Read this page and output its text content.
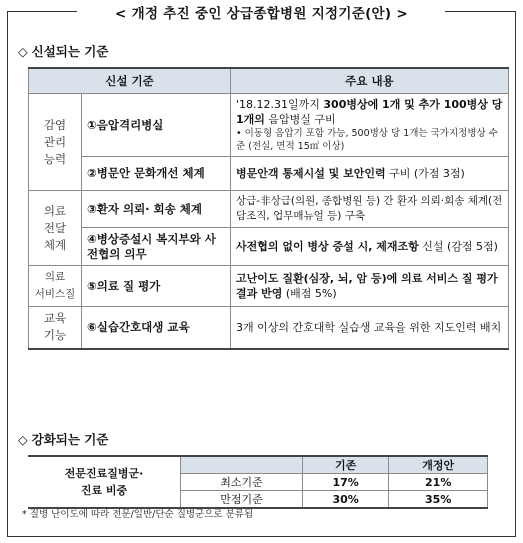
< 개정 추진 중인 상급종합병원 지정기준(안) >
◇ 신설되는 기준
신설 기준		주요 내용
감염
관리
능력	①음압격리병실	'18.12.31일까지 300병상에 1개 및 추가 100병상 당 1개의 음압병실 구비
• 이동형 음압기 포함 가능, 500병상 당 1개는 국가지정병상 수준 (전실, 면적 15㎡ 이상)

	②병문안 문화개선 체계	병문안객 통제시설 및 보안인력 구비 (가점 3점)
의료
전달
체계	③환자 의뢰· 회송 체계	상급-非상급(의원, 종합병원 등) 간 환자 의뢰·회송 체계(전담조직, 업무매뉴얼 등) 구축
	④병상증설시 복지부와 사전협의 의무	사전협의 없이 병상 증설 시, 제재조항 신설 (감점 5점)
의료
서비스질	⑤의료 질 평가	고난이도 질환(심장, 뇌, 암 등)에 의료 서비스 질 평가 결과 반영 (배점 5%)
교육
기능	⑥실습간호대생 교육	3개 이상의 간호대학 실습생 교육을 위한 지도인력 배치
◇ 강화되는 기준
전문진료질병군·
진료 비중		기존	개정안
	최소기준	17%	21%
	만점기준	30%	35%
* 질병 난이도에 따라 전문/일반/단순 질병군으로 분류됨
